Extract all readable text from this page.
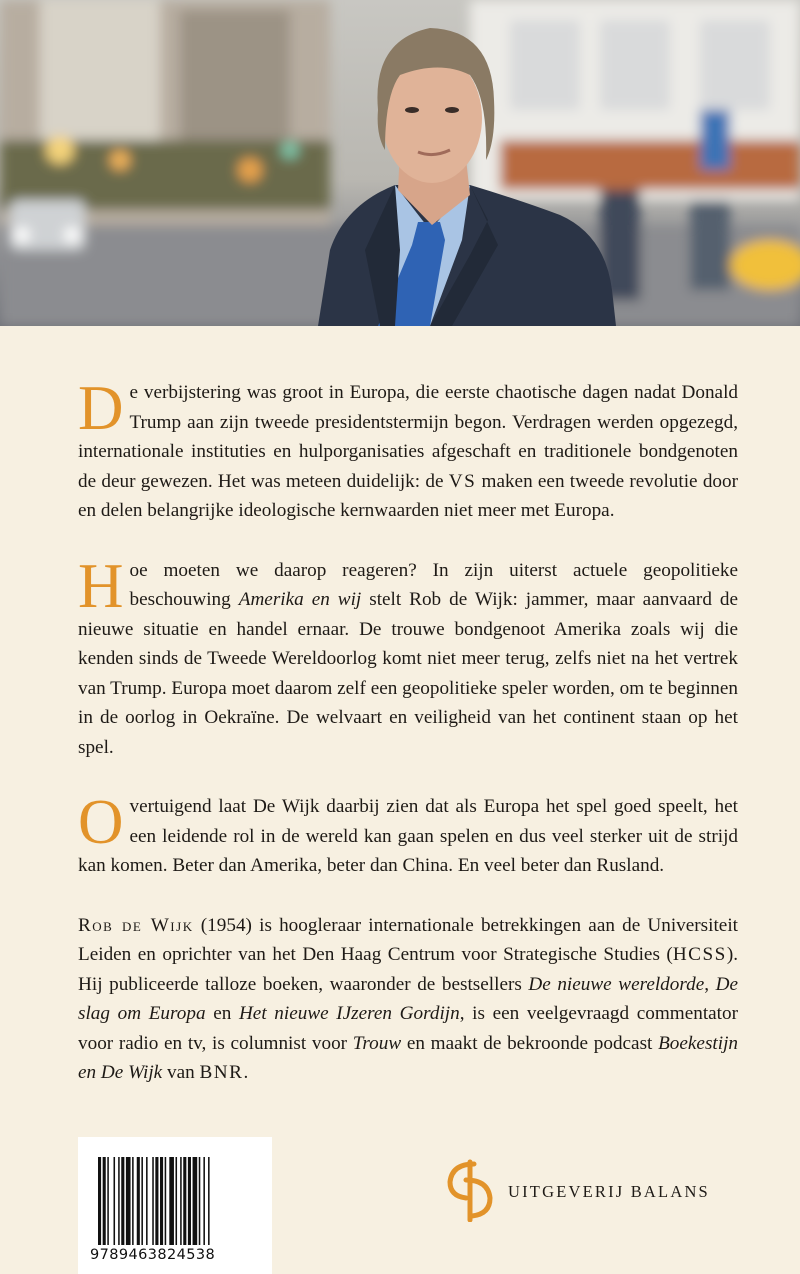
D e verbijstering was groot in Europa, die eerste chaotische dagen nadat Donald Trump aan zijn tweede presidentstermijn begon. Verdragen werden opgezegd, internationale instituties en hulporganisaties afgeschaft en traditionele bondgenoten de deur gewezen. Het was meteen duidelijk: de VS maken een tweede revolutie door en delen belangrijke ideologische kernwaarden niet meer met Europa.

H oe moeten we daarop reageren? In zijn uiterst actuele geopolitieke beschouwing Amerika en wij stelt Rob de Wijk: jammer, maar aanvaard de nieuwe situatie en handel ernaar. De trouwe bondgenoot Amerika zoals wij die kenden sinds de Tweede Wereldoorlog komt niet meer terug, zelfs niet na het vertrek van Trump. Europa moet daarom zelf een geopolitieke speler worden, om te beginnen in de oorlog in Oekraïne. De welvaart en veiligheid van het continent staan op het spel.

O vertuigend laat De Wijk daarbij zien dat als Europa het spel goed speelt, het een leidende rol in de wereld kan gaan spelen en dus veel sterker uit de strijd kan komen. Beter dan Amerika, beter dan China. En veel beter dan Rusland.

Rob de Wijk (1954) is hoogleraar internationale betrekkingen aan de Universiteit Leiden en oprichter van het Den Haag Centrum voor Strategische Studies (HCSS). Hij publiceerde talloze boeken, waaronder de bestsellers De nieuwe wereldorde, De slag om Europa en Het nieuwe IJzeren Gordijn, is een veelgevraagd commentator voor radio en tv, is columnist voor Trouw en maakt de bekroonde podcast Boekestijn en De Wijk van BNR.

9789463824538
UITGEVERIJ BALANS
